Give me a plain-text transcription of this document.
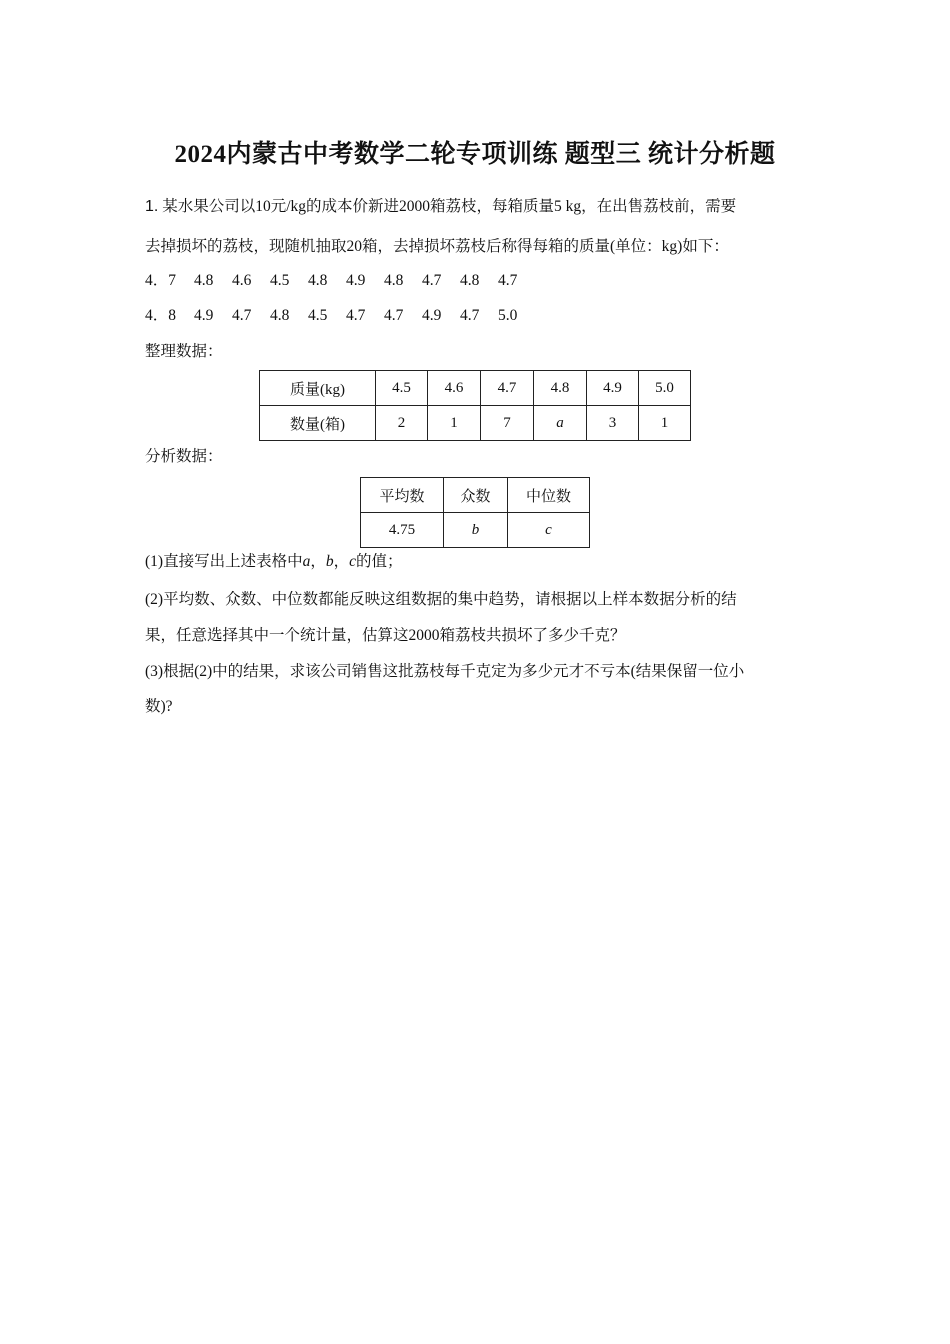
2024内蒙古中考数学二轮专项训练 题型三 统计分析题
1. 某水果公司以10元/kg的成本价新进2000箱荔枝，每箱质量5 kg，在出售荔枝前，需要
去掉损坏的荔枝，现随机抽取20箱，去掉损坏荔枝后称得每箱的质量(单位：kg)如下：
4．7 4.8 4.6 4.5 4.8 4.9 4.8 4.7 4.8 4.7
4．8 4.9 4.7 4.8 4.5 4.7 4.7 4.9 4.7 5.0
整理数据：
质量(kg)	4.5	4.6	4.7	4.8	4.9	5.0
数量(箱)	2	1	7	a	3	1
分析数据：
平均数	众数	中位数
4.75	b	c
(1)直接写出上述表格中a，b，c的值；
(2)平均数、众数、中位数都能反映这组数据的集中趋势，请根据以上样本数据分析的结
果，任意选择其中一个统计量，估算这2000箱荔枝共损坏了多少千克？
(3)根据(2)中的结果，求该公司销售这批荔枝每千克定为多少元才不亏本(结果保留一位小
数)?
